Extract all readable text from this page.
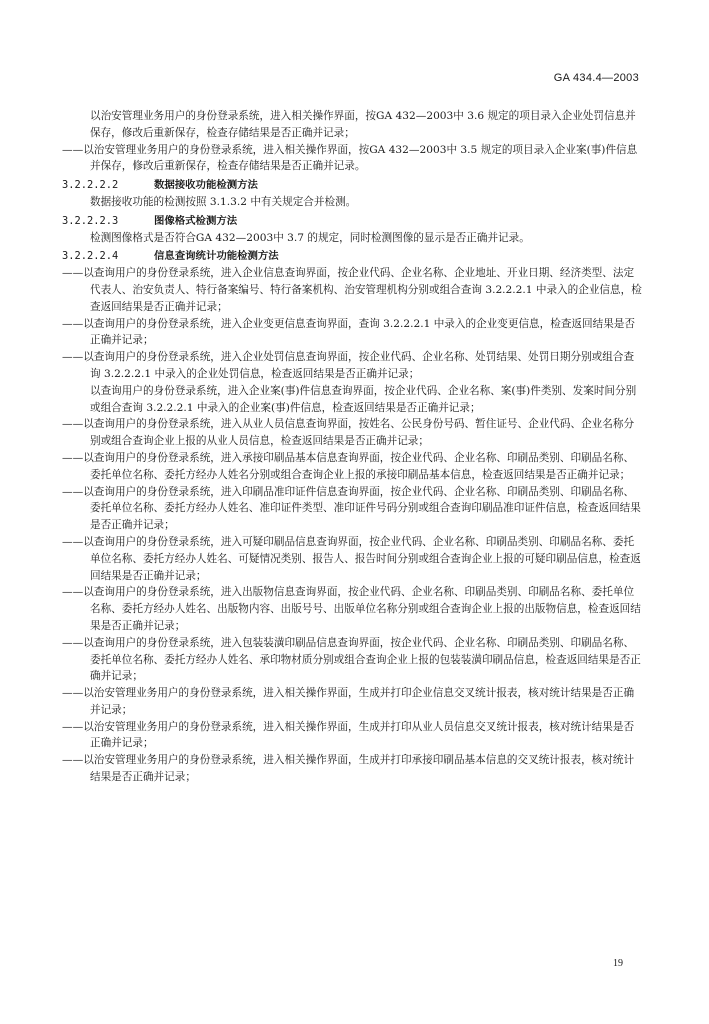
GA 434.4—2003

以治安管理业务用户的身份登录系统，进入相关操作界面，按GA 432—2003中 3.6 规定的项目录入企业处罚信息并保存，修改后重新保存，检查存储结果是否正确并记录；

——以治安管理业务用户的身份登录系统，进入相关操作界面，按GA 432—2003中 3.5 规定的项目录入企业案(事)件信息并保存，修改后重新保存，检查存储结果是否正确并记录。

3.2.2.2.2	数据接收功能检测方法

数据接收功能的检测按照 3.1.3.2 中有关规定合并检测。

3.2.2.2.3	图像格式检测方法

检测图像格式是否符合GA 432—2003中 3.7 的规定，同时检测图像的显示是否正确并记录。

3.2.2.2.4	信息查询统计功能检测方法

——以查询用户的身份登录系统，进入企业信息查询界面，按企业代码、企业名称、企业地址、开业日期、经济类型、法定代表人、治安负责人、特行备案编号、特行备案机构、治安管理机构分别或组合查询 3.2.2.2.1 中录入的企业信息，检查返回结果是否正确并记录；

——以查询用户的身份登录系统，进入企业变更信息查询界面，查询 3.2.2.2.1 中录入的企业变更信息，检查返回结果是否正确并记录；

——以查询用户的身份登录系统，进入企业处罚信息查询界面，按企业代码、企业名称、处罚结果、处罚日期分别或组合查询 3.2.2.2.1 中录入的企业处罚信息，检查返回结果是否正确并记录；

以查询用户的身份登录系统，进入企业案(事)件信息查询界面，按企业代码、企业名称、案(事)件类别、发案时间分别或组合查询 3.2.2.2.1 中录入的企业案(事)件信息，检查返回结果是否正确并记录；

——以查询用户的身份登录系统，进入从业人员信息查询界面，按姓名、公民身份号码、暂住证号、企业代码、企业名称分别或组合查询企业上报的从业人员信息，检查返回结果是否正确并记录；

——以查询用户的身份登录系统，进入承接印刷品基本信息查询界面，按企业代码、企业名称、印刷品类别、印刷品名称、委托单位名称、委托方经办人姓名分别或组合查询企业上报的承接印刷品基本信息，检查返回结果是否正确并记录；

——以查询用户的身份登录系统，进入印刷品准印证件信息查询界面，按企业代码、企业名称、印刷品类别、印刷品名称、委托单位名称、委托方经办人姓名、准印证件类型、准印证件号码分别或组合查询印刷品准印证件信息，检查返回结果是否正确并记录；

——以查询用户的身份登录系统，进入可疑印刷品信息查询界面，按企业代码、企业名称、印刷品类别、印刷品名称、委托单位名称、委托方经办人姓名、可疑情况类别、报告人、报告时间分别或组合查询企业上报的可疑印刷品信息，检查返回结果是否正确并记录；

——以查询用户的身份登录系统，进入出版物信息查询界面，按企业代码、企业名称、印刷品类别、印刷品名称、委托单位名称、委托方经办人姓名、出版物内容、出版号号、出版单位名称分别或组合查询企业上报的出版物信息，检查返回结果是否正确并记录；

——以查询用户的身份登录系统，进入包装装潢印刷品信息查询界面，按企业代码、企业名称、印刷品类别、印刷品名称、委托单位名称、委托方经办人姓名、承印物材质分别或组合查询企业上报的包装装潢印刷品信息，检查返回结果是否正确并记录；

——以治安管理业务用户的身份登录系统，进入相关操作界面，生成并打印企业信息交叉统计报表，核对统计结果是否正确并记录；

——以治安管理业务用户的身份登录系统，进入相关操作界面，生成并打印从业人员信息交叉统计报表，核对统计结果是否正确并记录；

——以治安管理业务用户的身份登录系统，进入相关操作界面，生成并打印承接印刷品基本信息的交叉统计报表，核对统计结果是否正确并记录；

19
